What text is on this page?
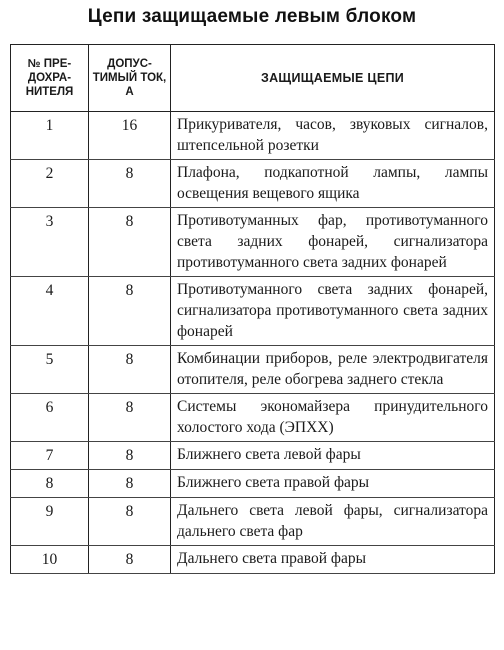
Цепи защищаемые левым блоком
№ ПРЕ-ДОХРА-НИТЕЛЯ	ДОПУС-ТИМЫЙ ТОК, А	ЗАЩИЩАЕМЫЕ ЦЕПИ
1	16	Прикуривателя, часов, звуковых сигналов, штепсельной розетки
2	8	Плафона, подкапотной лампы, лампы освещения вещевого ящика
3	8	Противотуманных фар, противотуманного света задних фонарей, сигнализатора противотуманного света задних фонарей
4	8	Противотуманного света задних фонарей, сигнализатора противотуманного света задних фонарей
5	8	Комбинации приборов, реле электродвигателя отопителя, реле обогрева заднего стекла
6	8	Системы экономайзера принудительного холостого хода (ЭПХХ)
7	8	Ближнего света левой фары
8	8	Ближнего света правой фары
9	8	Дальнего света левой фары, сигнализатора дальнего света фар
10	8	Дальнего света правой фары
